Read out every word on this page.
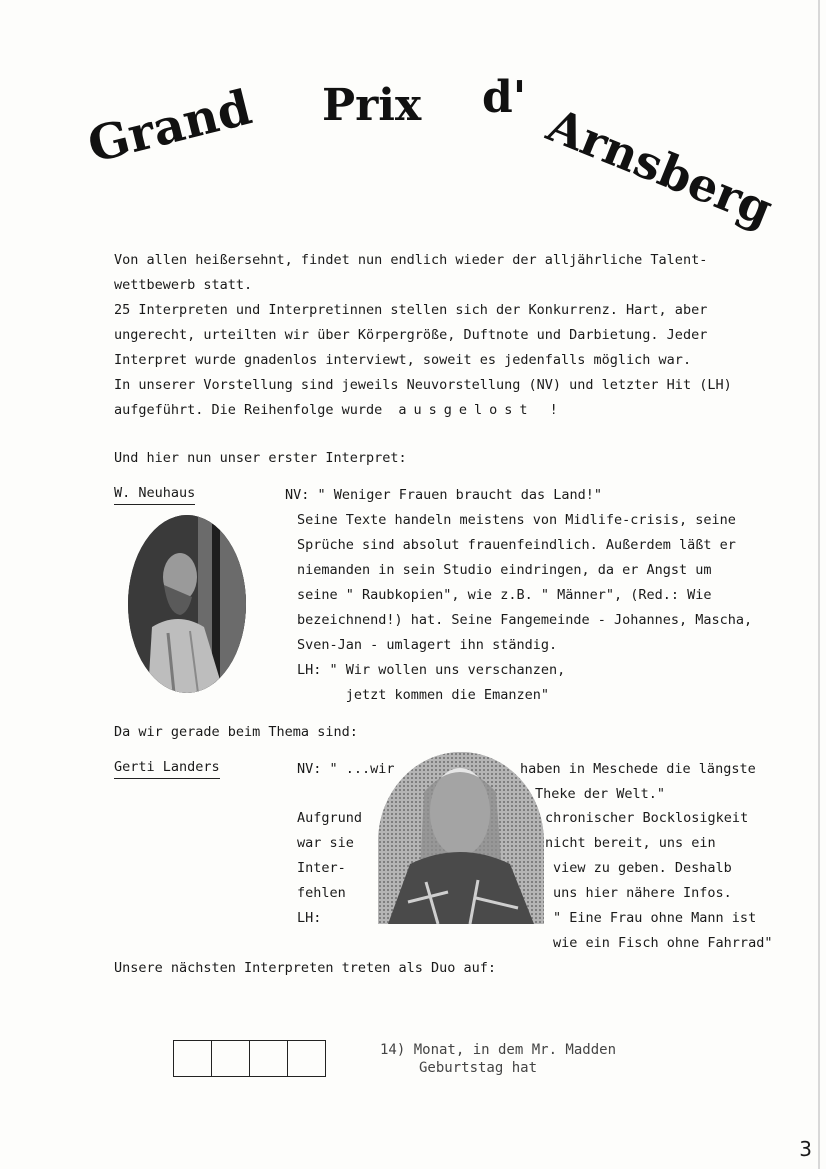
Grand Prix d'
Arnsberg
Von allen heißersehnt, findet nun endlich wieder der alljährliche Talent-
wettbewerb statt.
25 Interpreten und Interpretinnen stellen sich der Konkurrenz. Hart, aber
ungerecht, urteilten wir über Körpergröße, Duftnote und Darbietung. Jeder
Interpret wurde gnadenlos interviewt, soweit es jedenfalls möglich war.
In unserer Vorstellung sind jeweils Neuvorstellung (NV) und letzter Hit (LH)
aufgeführt. Die Reihenfolge wurde ausgelost !
Und hier nun unser erster Interpret:
W. Neuhaus	NV: " Weniger Frauen braucht das Land!"
Seine Texte handeln meistens von Midlife-crisis, seine
Sprüche sind absolut frauenfeindlich. Außerdem läßt er
niemanden in sein Studio eindringen, da er Angst um
seine " Raubkopien", wie z.B. " Männer", (Red.: Wie
bezeichnend!) hat. Seine Fangemeinde - Johannes, Mascha,
Sven-Jan - umlagert ihn ständig.
LH: " Wir wollen uns verschanzen,
jetzt kommen die Emanzen"
Da wir gerade beim Thema sind:
Gerti Landers	NV: " ...wir
Aufgrund
war sie
Inter-
fehlen
LH:
haben in Meschede die längste
Theke der Welt."
chronischer Bocklosigkeit
nicht bereit, uns ein
view zu geben. Deshalb
uns hier nähere Infos.
" Eine Frau ohne Mann ist
wie ein Fisch ohne Fahrrad"
Unsere nächsten Interpreten treten als Duo auf:
14) Monat, in dem Mr. Madden
Geburtstag hat
3
